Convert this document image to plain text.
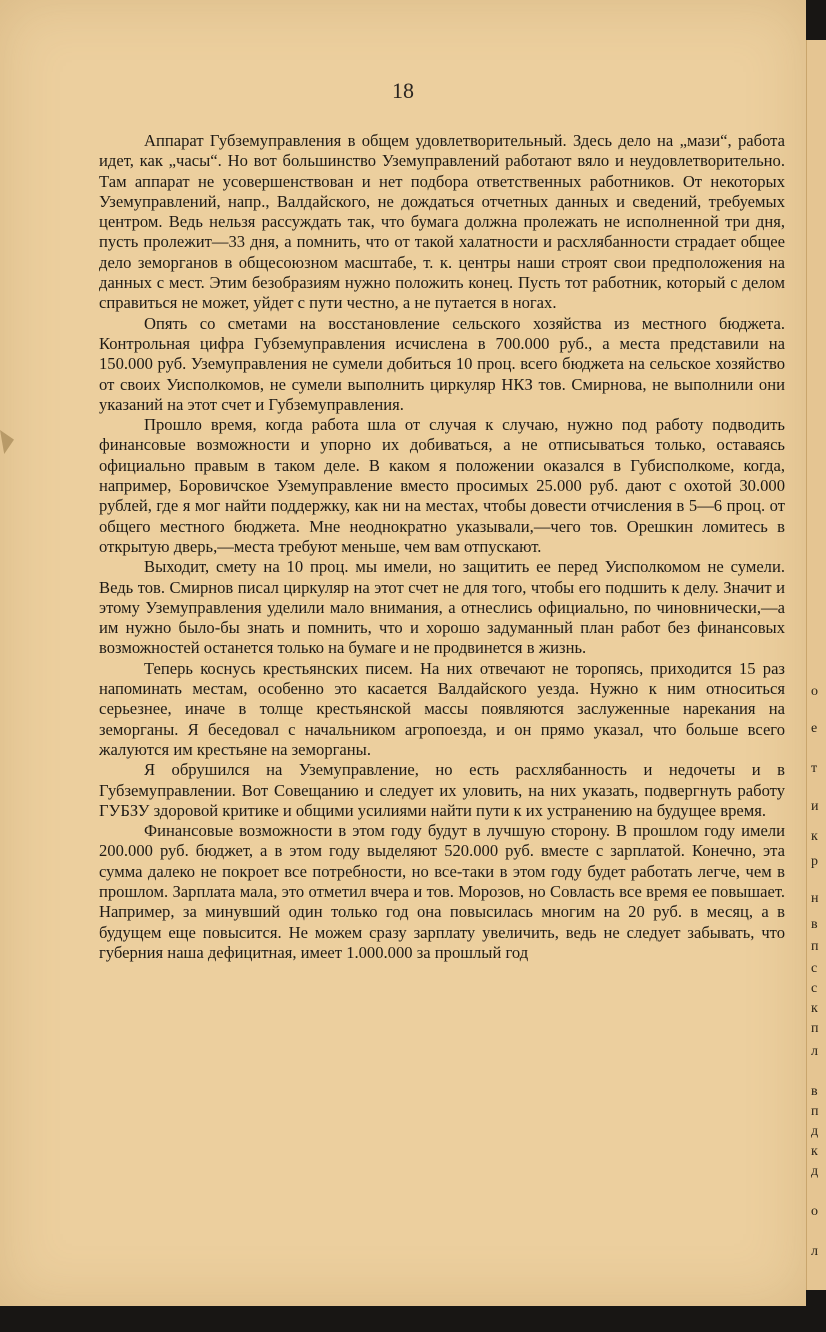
18

Аппарат Губземуправления в общем удовлетворительный. Здесь дело на „мази“, работа идет, как „часы“. Но вот большинство Уземуправлений работают вяло и неудовлетворительно. Там аппарат не усовершенствован и нет подбора ответственных работников. От некоторых Уземуправлений, напр., Валдайского, не дождаться отчетных данных и сведений, требуемых центром. Ведь нельзя рассуждать так, что бумага должна пролежать не исполненной три дня, пусть пролежит—33 дня, а помнить, что от такой халатности и расхлябанности страдает общее дело земорганов в общесоюзном масштабе, т. к. центры наши строят свои предположения на данных с мест. Этим безобразиям нужно положить конец. Пусть тот работник, который с делом справиться не может, уйдет с пути честно, а не путается в ногах.

Опять со сметами на восстановление сельского хозяйства из местного бюджета. Контрольная цифра Губземуправления исчислена в 700.000 руб., а места представили на 150.000 руб. Уземуправления не сумели добиться 10 проц. всего бюджета на сельское хозяйство от своих Уисполкомов, не сумели выполнить циркуляр НКЗ тов. Смирнова, не выполнили они указаний на этот счет и Губземуправления.

Прошло время, когда работа шла от случая к случаю, нужно под работу подводить финансовые возможности и упорно их добиваться, а не отписываться только, оставаясь официально правым в таком деле. В каком я положении оказался в Губисполкоме, когда, например, Боровичское Уземуправление вместо просимых 25.000 руб. дают с охотой 30.000 рублей, где я мог найти поддержку, как ни на местах, чтобы довести отчисления в 5—6 проц. от общего местного бюджета. Мне неоднократно указывали,—чего тов. Орешкин ломитесь в открытую дверь,—места требуют меньше, чем вам отпускают.

Выходит, смету на 10 проц. мы имели, но защитить ее перед Уисполкомом не сумели. Ведь тов. Смирнов писал циркуляр на этот счет не для того, чтобы его подшить к делу. Значит и этому Уземуправления уделили мало внимания, а отнеслись официально, по чиновнически,—а им нужно было-бы знать и помнить, что и хорошо задуманный план работ без финансовых возможностей останется только на бумаге и не продвинется в жизнь.

Теперь коснусь крестьянских писем. На них отвечают не торопясь, приходится 15 раз напоминать местам, особенно это касается Валдайского уезда. Нужно к ним относиться серьезнее, иначе в толще крестьянской массы появляются заслуженные нарекания на земорганы. Я беседовал с начальником агропоезда, и он прямо указал, что больше всего жалуются им крестьяне на земорганы.

Я обрушился на Уземуправление, но есть расхлябанность и недочеты и в Губземуправлении. Вот Совещанию и следует их уловить, на них указать, подвергнуть работу ГУБЗУ здоровой критике и общими усилиями найти пути к их устранению на будущее время.

Финансовые возможности в этом году будут в лучшую сторону. В прошлом году имели 200.000 руб. бюджет, а в этом году выделяют 520.000 руб. вместе с зарплатой. Конечно, эта сумма далеко не покроет все потребности, но все-таки в этом году будет работать легче, чем в прошлом. Зарплата мала, это отметил вчера и тов. Морозов, но Совласть все время ее повышает. Например, за минувший один только год она повысилась многим на 20 руб. в месяц, а в будущем еще повысится. Не можем сразу зарплату увеличить, ведь не следует забывать, что губерния наша дефицитная, имеет 1.000.000 за прошлый год

о
е
т
и
к
р
н
в
п
с
с
к
п
л
в
п
д
к
д
о
л
